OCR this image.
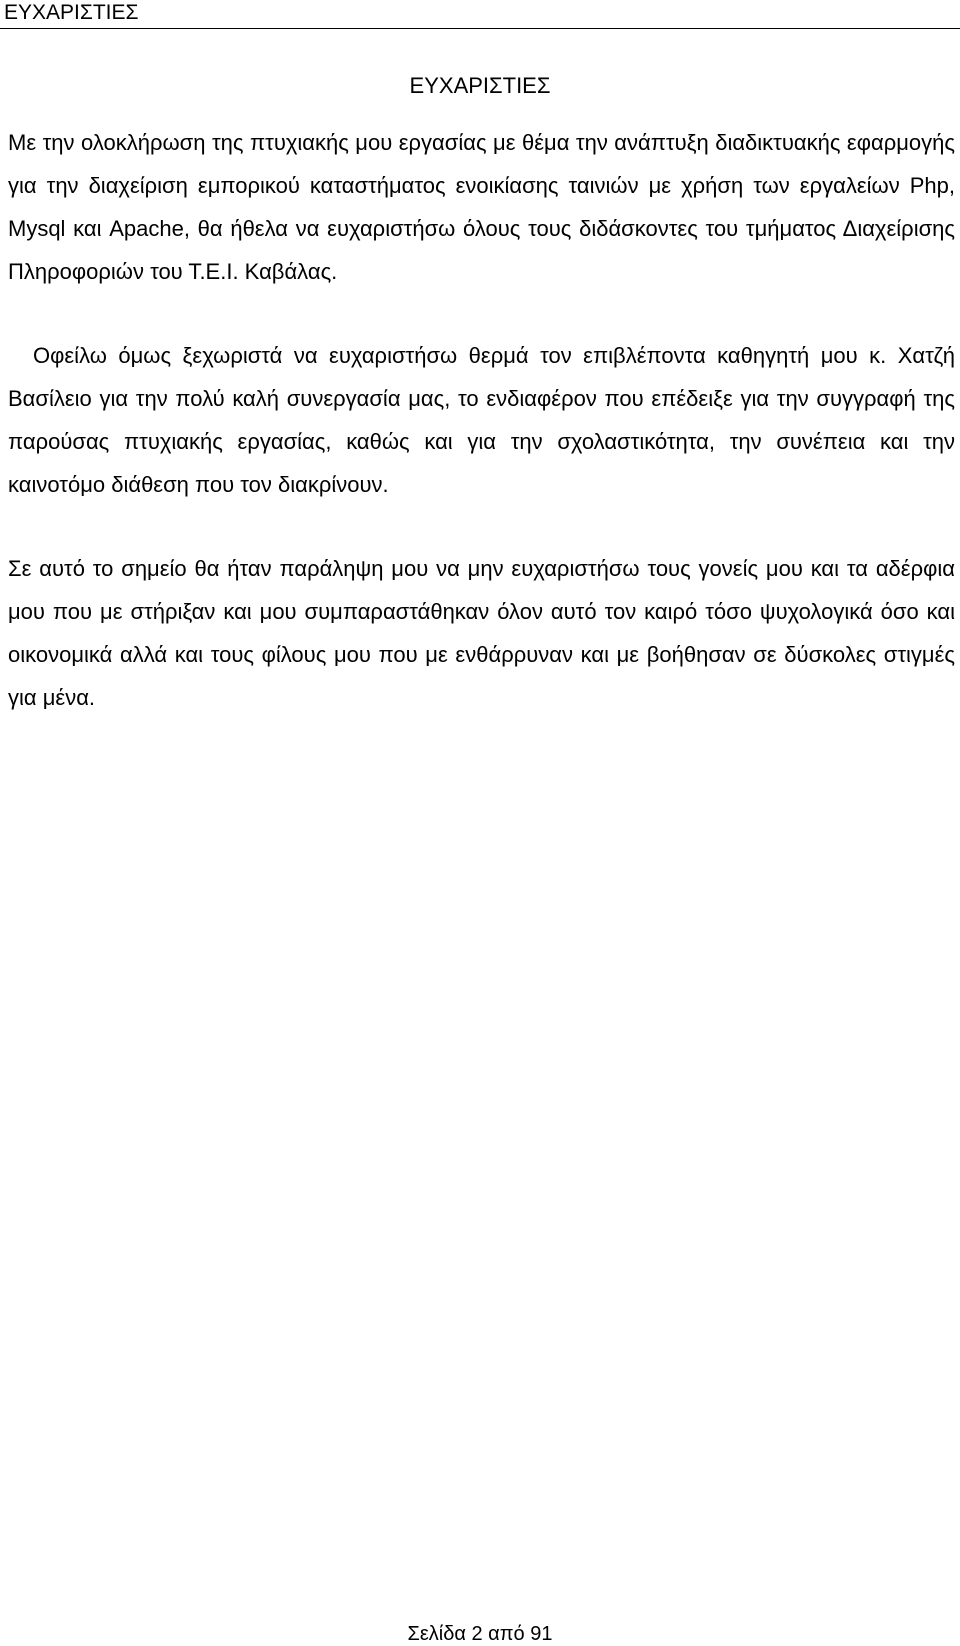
ΕΥΧΑΡΙΣΤΙΕΣ
ΕΥΧΑΡΙΣΤΙΕΣ

Με την ολοκλήρωση της πτυχιακής μου εργασίας με θέμα την ανάπτυξη διαδικτυακής εφαρμογής για την διαχείριση εμπορικού καταστήματος ενοικίασης ταινιών με χρήση των εργαλείων Php, Mysql και Apache, θα ήθελα να ευχαριστήσω όλους τους διδάσκοντες του τμήματος Διαχείρισης Πληροφοριών του Τ.Ε.Ι. Καβάλας.

Οφείλω όμως ξεχωριστά να ευχαριστήσω θερμά τον επιβλέποντα καθηγητή μου κ. Χατζή Βασίλειο για την πολύ καλή συνεργασία μας, το ενδιαφέρον που επέδειξε για την συγγραφή της παρούσας πτυχιακής εργασίας, καθώς και για την σχολαστικότητα, την συνέπεια και την καινοτόμο διάθεση που τον διακρίνουν.

Σε αυτό το σημείο θα ήταν παράληψη μου να μην ευχαριστήσω τους γονείς μου και τα αδέρφια μου που με στήριξαν και μου συμπαραστάθηκαν όλον αυτό τον καιρό τόσο ψυχολογικά όσο και οικονομικά αλλά και τους φίλους μου που με ενθάρρυναν και με βοήθησαν σε δύσκολες στιγμές για μένα.

Σελίδα 2 από 91
